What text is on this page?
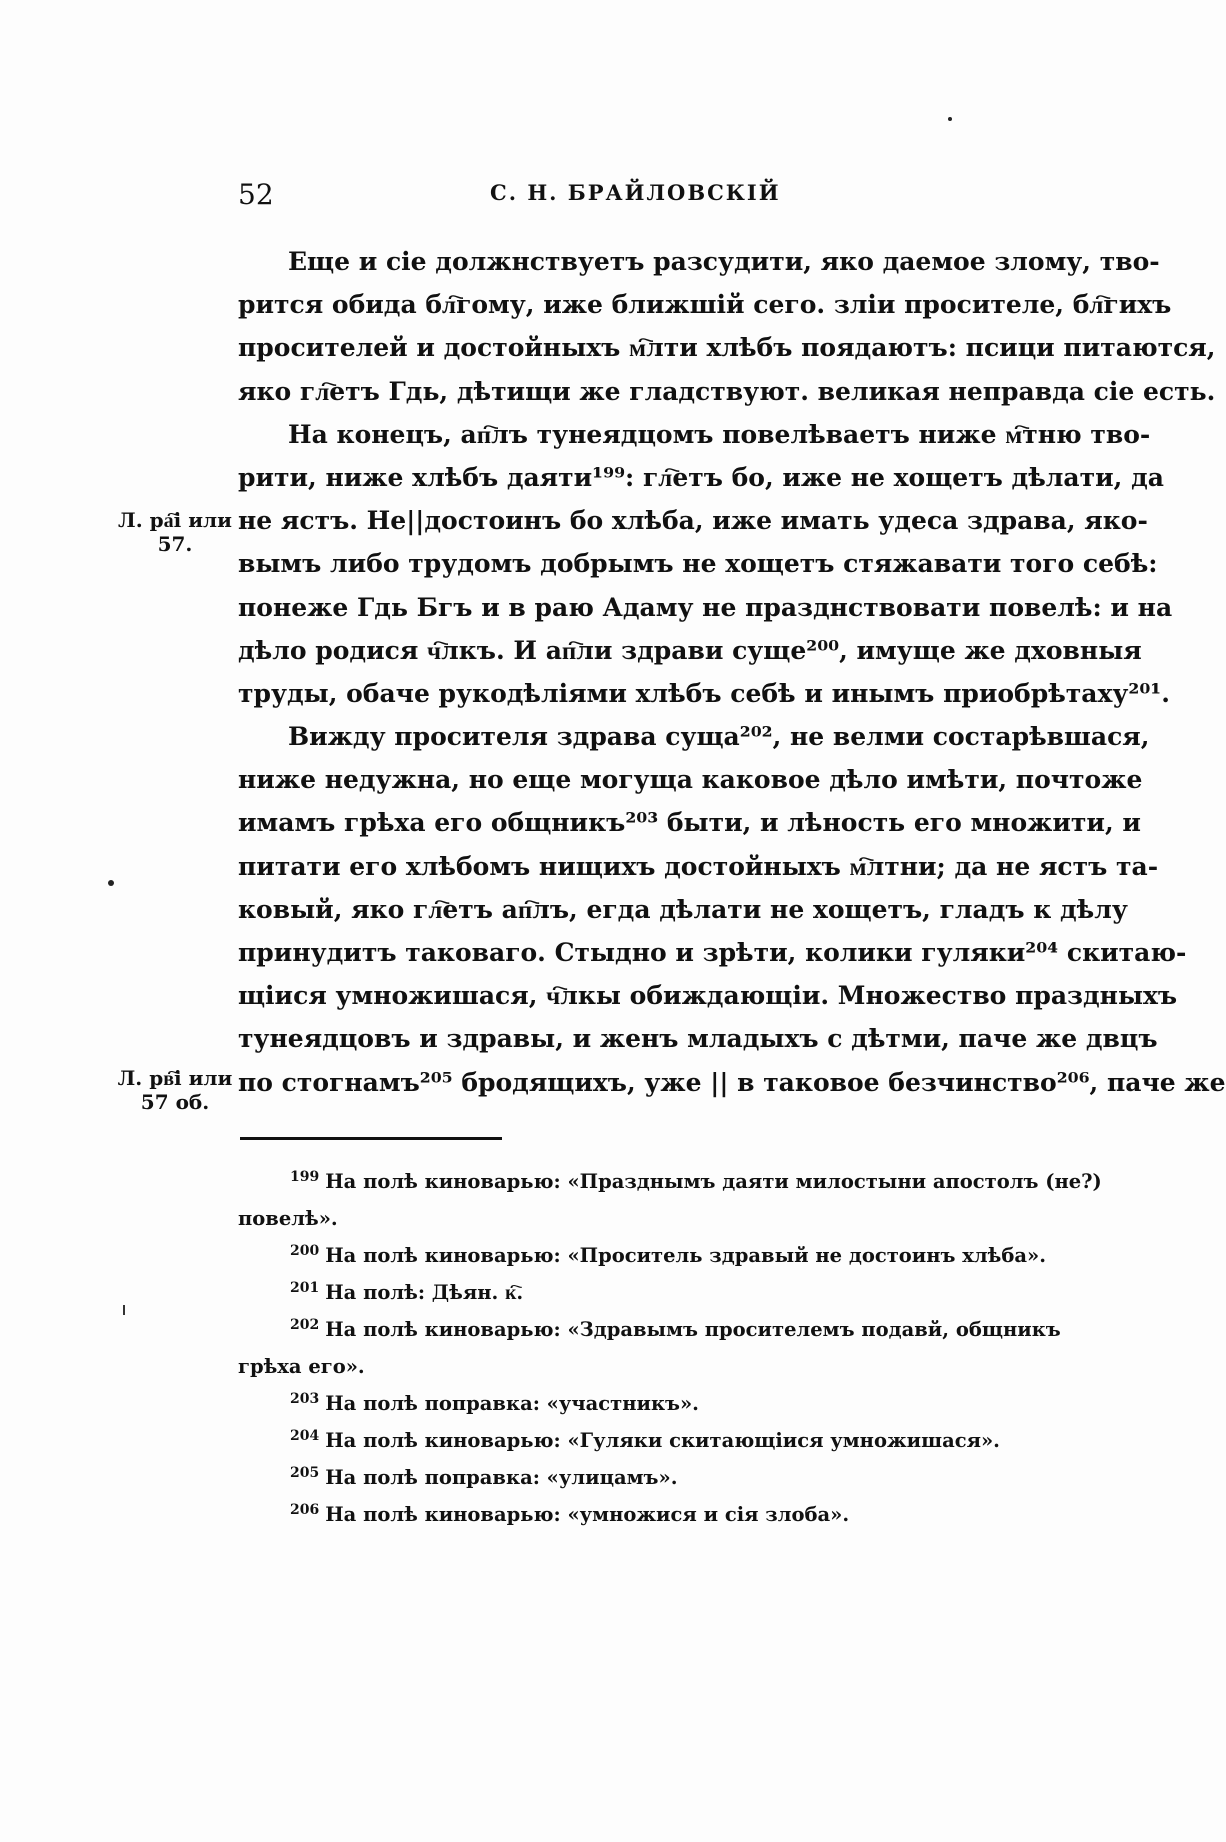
52	С. Н. БРАЙЛОВСКІЙ
Еще и сіе должнствуетъ разсудити, яко даемое злому, тво-
рится обида бл҇гому, иже ближшій сего. зліи просителе, бл҇гихъ
просителей и достойныхъ м҇лти хлѣбъ поядаютъ: псици питаются,
яко гл҇етъ Гдь, дѣтищи же гладствуют. великая неправда сіе есть.
На конецъ, ап҇лъ тунеядцомъ повелѣваетъ ниже м҇тню тво-
рити, ниже хлѣбъ даяти¹⁹⁹: гл҇етъ бо, иже не хощетъ дѣлати, да
не ястъ. Не||достоинъ бо хлѣба, иже имать удеса здрава, яко-
вымъ либо трудомъ добрымъ не хощетъ стяжавати того себѣ:
понеже Гдь Бгъ и в раю Адаму не празднствовати повелѣ: и на
дѣло родися ч҇лкъ. И ап҇ли здрави суще²⁰⁰, имуще же дховныя
труды, обаче рукодѣліями хлѣбъ себѣ и инымъ приобрѣтаху²⁰¹.
Вижду просителя здрава суща²⁰², не велми состарѣвшася,
ниже недужна, но еще могуща каковое дѣло имѣти, почтоже
имамъ грѣха его общникъ²⁰³ быти, и лѣность его множити, и
питати его хлѣбомъ нищихъ достойныхъ м҇лтни; да не ястъ та-
ковый, яко гл҇етъ ап҇лъ, егда дѣлати не хощетъ, гладъ к дѣлу
принудитъ таковаго. Стыдно и зрѣти, колики гуляки²⁰⁴ скитаю-
щіися умножишася, ч҇лкы обиждающіи. Множество праздныхъ
тунеядцовъ и здравы, и женъ младыхъ с дѣтми, паче же двцъ
по стогнамъ²⁰⁵ бродящихъ, уже || в таковое безчинство²⁰⁶, паче же
Л. ра҇і или
57.
Л. рв҇і или
57 об.
$^{199}$ На полѣ киноварью: «Празднымъ даяти милостыни апостолъ (не?)
повелѣ».
$^{200}$ На полѣ киноварью: «Проситель здравый не достоинъ хлѣба».
$^{201}$ На полѣ: Дѣян. к҇.
$^{202}$ На полѣ киноварью: «Здравымъ просителемъ подавй, общникъ
грѣха его».
$^{203}$ На полѣ поправка: «участникъ».
$^{204}$ На полѣ киноварью: «Гуляки скитающіися умножишася».
$^{205}$ На полѣ поправка: «улицамъ».
$^{206}$ На полѣ киноварью: «умножися и сія злоба».
